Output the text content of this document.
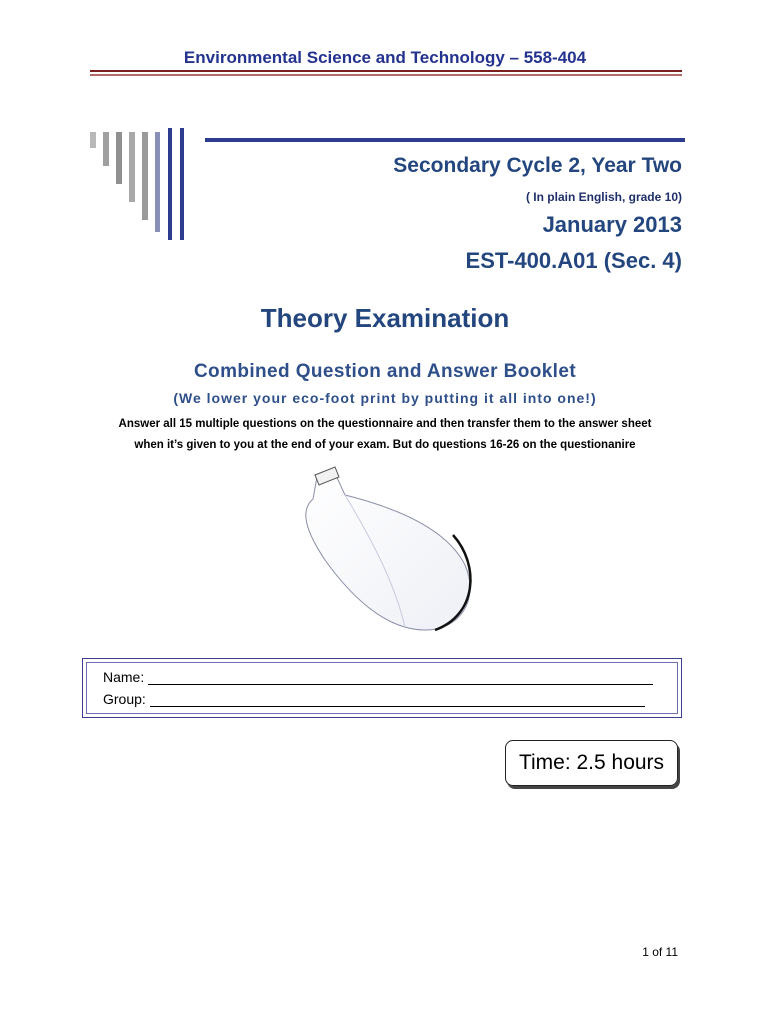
Environmental Science and Technology – 558-404
Secondary Cycle 2, Year Two
( In plain English, grade 10)
January 2013
EST-400.A01 (Sec. 4)
Theory Examination
Combined Question and Answer Booklet
(We lower your eco-foot print by putting it all into one!)
Answer all 15 multiple questions on the questionnaire and then transfer them to the answer sheet
when it’s given to you at the end of your exam. But do questions 16-26 on the questionanire
Name:
Group:
Time: 2.5 hours
1 of 11
